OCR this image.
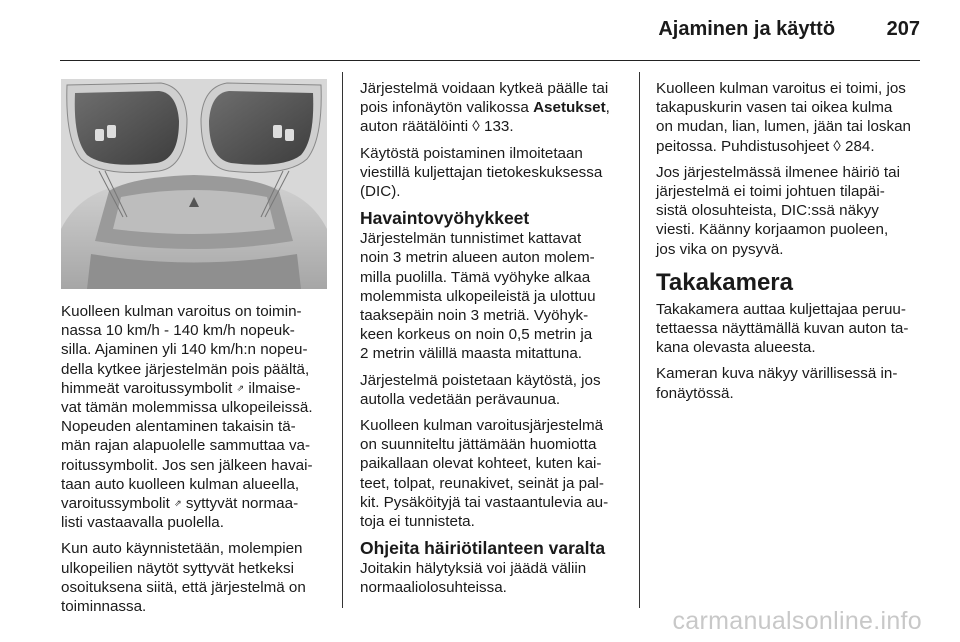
Ajaminen ja käyttö	207

Kuolleen kulman varoitus on toimin-
nassa 10 km/h - 140 km/h nopeuk-
silla. Ajaminen yli 140 km/h:n nopeu-
della kytkee järjestelmän pois päältä,
himmeät varoitussymbolit ⇗ ilmaise-
vat tämän molemmissa ulkopeileissä.
Nopeuden alentaminen takaisin tä-
män rajan alapuolelle sammuttaa va-
roitussymbolit. Jos sen jälkeen havai-
taan auto kuolleen kulman alueella,
varoitussymbolit ⇗ syttyvät normaa-
listi vastaavalla puolella.

Kun auto käynnistetään, molempien
ulkopeilien näytöt syttyvät hetkeksi
osoituksena siitä, että järjestelmä on
toiminnassa.

Järjestelmä voidaan kytkeä päälle tai
pois infonäytön valikossa Asetukset,
auton räätälöinti ◊ 133.

Käytöstä poistaminen ilmoitetaan
viestillä kuljettajan tietokeskuksessa
(DIC).

Havaintovyöhykkeet

Järjestelmän tunnistimet kattavat
noin 3 metrin alueen auton molem-
milla puolilla. Tämä vyöhyke alkaa
molemmista ulkopeileistä ja ulottuu
taaksepäin noin 3 metriä. Vyöhyk-
keen korkeus on noin 0,5 metrin ja
2 metrin välillä maasta mitattuna.

Järjestelmä poistetaan käytöstä, jos
autolla vedetään perävaunua.

Kuolleen kulman varoitusjärjestelmä
on suunniteltu jättämään huomiotta
paikallaan olevat kohteet, kuten kai-
teet, tolpat, reunakivet, seinät ja pal-
kit. Pysäköityjä tai vastaantulevia au-
toja ei tunnisteta.

Ohjeita häiriötilanteen varalta

Joitakin hälytyksiä voi jäädä väliin
normaaliolosuhteissa.

Kuolleen kulman varoitus ei toimi, jos
takapuskurin vasen tai oikea kulma
on mudan, lian, lumen, jään tai loskan
peitossa. Puhdistusohjeet ◊ 284.

Jos järjestelmässä ilmenee häiriö tai
järjestelmä ei toimi johtuen tilapäi-
sistä olosuhteista, DIC:ssä näkyy
viesti. Käänny korjaamon puoleen,
jos vika on pysyvä.

Takakamera

Takakamera auttaa kuljettajaa peruu-
tettaessa näyttämällä kuvan auton ta-
kana olevasta alueesta.

Kameran kuva näkyy värillisessä in-
fonäytössä.

carmanualsonline.info
